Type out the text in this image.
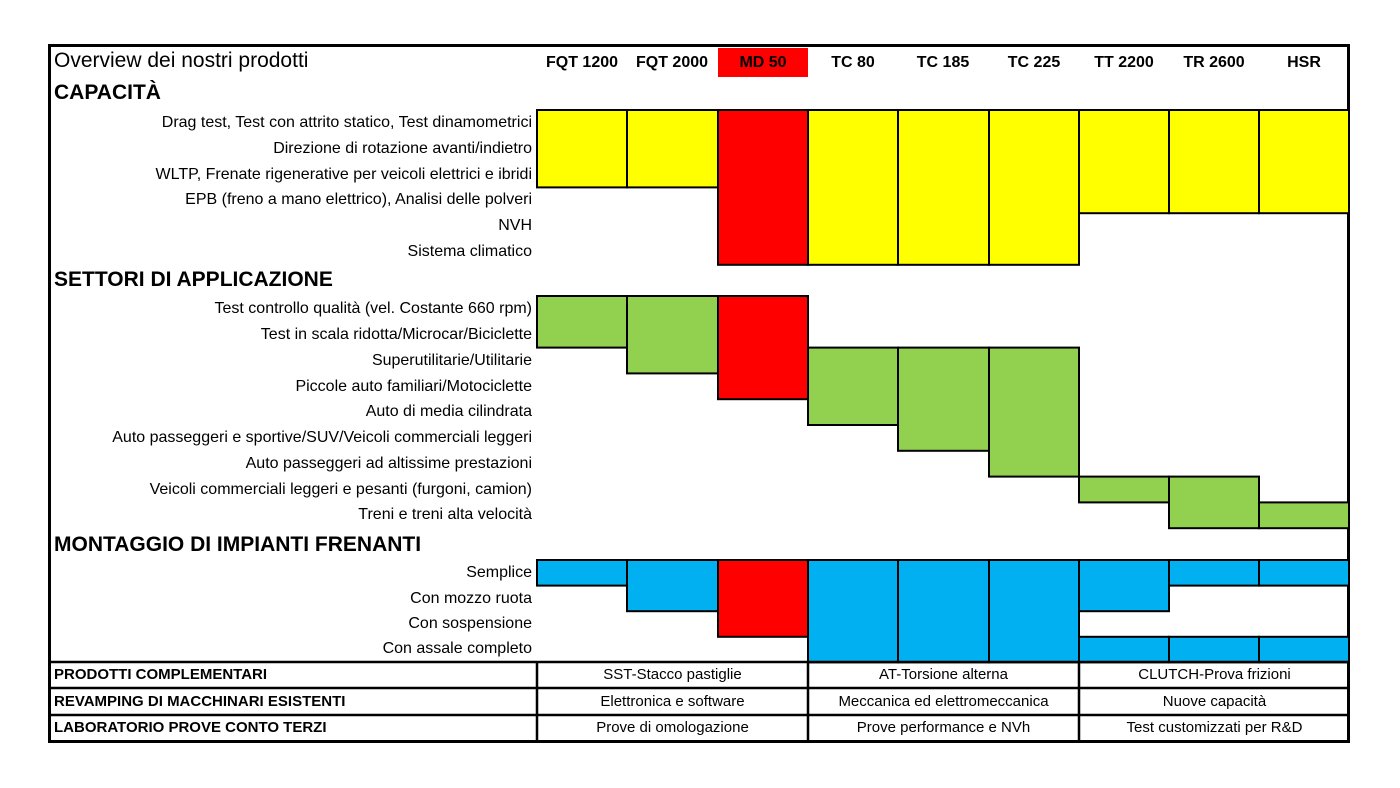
Overview dei nostri prodotti	FQT 1200	FQT 2000	MD 50	TC 80	TC 185	TC 225	TT 2200	TR 2600	HSR
CAPACITÀ
SETTORI DI APPLICAZIONE
MONTAGGIO DI IMPIANTI FRENANTI
Drag test, Test con attrito statico, Test dinamometrici
Direzione di rotazione avanti/indietro
WLTP, Frenate rigenerative per veicoli elettrici e ibridi
EPB (freno a mano elettrico), Analisi delle polveri
NVH
Sistema climatico
Test controllo qualità (vel. Costante 660 rpm)
Test in scala ridotta/Microcar/Biciclette
Superutilitarie/Utilitarie
Piccole auto familiari/Motociclette
Auto di media cilindrata
Auto passeggeri e sportive/SUV/Veicoli commerciali leggeri
Auto passeggeri ad altissime prestazioni
Veicoli commerciali leggeri e pesanti (furgoni, camion)
Treni e treni alta velocità
Semplice
Con mozzo ruota
Con sospensione
Con assale completo
PRODOTTI COMPLEMENTARI	SST-Stacco pastiglie	AT-Torsione alterna	CLUTCH-Prova frizioni
REVAMPING DI MACCHINARI ESISTENTI	Elettronica e software	Meccanica ed elettromeccanica	Nuove capacità
LABORATORIO PROVE CONTO TERZI	Prove di omologazione	Prove performance e NVh	Test customizzati per R&D
